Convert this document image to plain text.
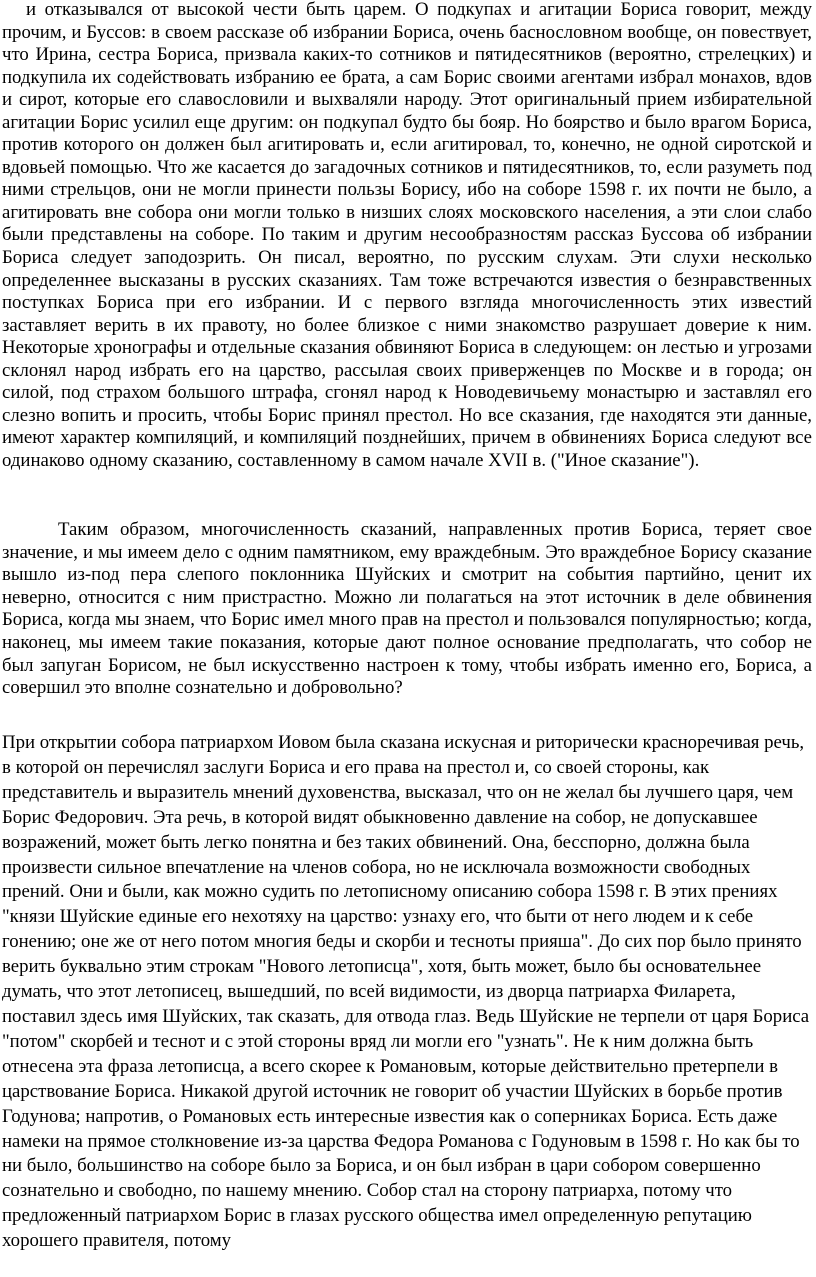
и отказывался от высокой чести быть царем. О подкупах и агитации Бориса говорит, между прочим, и Буссов: в своем рассказе об избрании Бориса, очень баснословном вообще, он повествует, что Ирина, сестра Бориса, призвала каких-то сотников и пятидесятников (вероятно, стрелецких) и подкупила их содействовать избранию ее брата, а сам Борис своими агентами избрал монахов, вдов и сирот, которые его славословили и выхваляли народу. Этот оригинальный прием избирательной агитации Борис усилил еще другим: он подкупал будто бы бояр. Но боярство и было врагом Бориса, против которого он должен был агитировать и, если агитировал, то, конечно, не одной сиротской и вдовьей помощью. Что же касается до загадочных сотников и пятидесятников, то, если разуметь под ними стрельцов, они не могли принести пользы Борису, ибо на соборе 1598 г. их почти не было, а агитировать вне собора они могли только в низших слоях московского населения, а эти слои слабо были представлены на соборе. По таким и другим несообразностям рассказ Буссова об избрании Бориса следует заподозрить. Он писал, вероятно, по русским слухам. Эти слухи несколько определеннее высказаны в русских сказаниях. Там тоже встречаются известия о безнравственных поступках Бориса при его избрании. И с первого взгляда многочисленность этих известий заставляет верить в их правоту, но более близкое с ними знакомство разрушает доверие к ним. Некоторые хронографы и отдельные сказания обвиняют Бориса в следующем: он лестью и угрозами склонял народ избрать его на царство, рассылая своих приверженцев по Москве и в города; он силой, под страхом большого штрафа, сгонял народ к Новодевичьему монастырю и заставлял его слезно вопить и просить, чтобы Борис принял престол. Но все сказания, где находятся эти данные, имеют характер компиляций, и компиляций позднейших, причем в обвинениях Бориса следуют все одинаково одному сказанию, составленному в самом начале XVII в. ("Иное сказание").

Таким образом, многочисленность сказаний, направленных против Бориса, теряет свое значение, и мы имеем дело с одним памятником, ему враждебным. Это враждебное Борису сказание вышло из-под пера слепого поклонника Шуйских и смотрит на события партийно, ценит их неверно, относится с ним пристрастно. Можно ли полагаться на этот источник в деле обвинения Бориса, когда мы знаем, что Борис имел много прав на престол и пользовался популярностью; когда, наконец, мы имеем такие показания, которые дают полное основание предполагать, что собор не был запуган Борисом, не был искусственно настроен к тому, чтобы избрать именно его, Бориса, а совершил это вполне сознательно и добровольно?

При открытии собора патриархом Иовом была сказана искусная и риторически красноречивая речь, в которой он перечислял заслуги Бориса и его права на престол и, со своей стороны, как представитель и выразитель мнений духовенства, высказал, что он не желал бы лучшего царя, чем Борис Федорович. Эта речь, в которой видят обыкновенно давление на собор, не допускавшее возражений, может быть легко понятна и без таких обвинений. Она, бесспорно, должна была произвести сильное впечатление на членов собора, но не исключала возможности свободных прений. Они и были, как можно судить по летописному описанию собора 1598 г. В этих прениях "князи Шуйские единые его нехотяху на царство: узнаху его, что быти от него людем и к себе гонению; оне же от него потом многия беды и скорби и тесноты прияша". До сих пор было принято верить буквально этим строкам "Нового летописца", хотя, быть может, было бы основательнее думать, что этот летописец, вышедший, по всей видимости, из дворца патриарха Филарета, поставил здесь имя Шуйских, так сказать, для отвода глаз. Ведь Шуйские не терпели от царя Бориса "потом" скорбей и теснот и с этой стороны вряд ли могли его "узнать". Не к ним должна быть отнесена эта фраза летописца, а всего скорее к Романовым, которые действительно претерпели в царствование Бориса. Никакой другой источник не говорит об участии Шуйских в борьбе против Годунова; напротив, о Романовых есть интересные известия как о соперниках Бориса. Есть даже намеки на прямое столкновение из-за царства Федора Романова с Годуновым в 1598 г. Но как бы то ни было, большинство на соборе было за Бориса, и он был избран в цари собором совершенно сознательно и свободно, по нашему мнению. Собор стал на сторону патриарха, потому что предложенный патриархом Борис в глазах русского общества имел определенную репутацию хорошего правителя, потому
